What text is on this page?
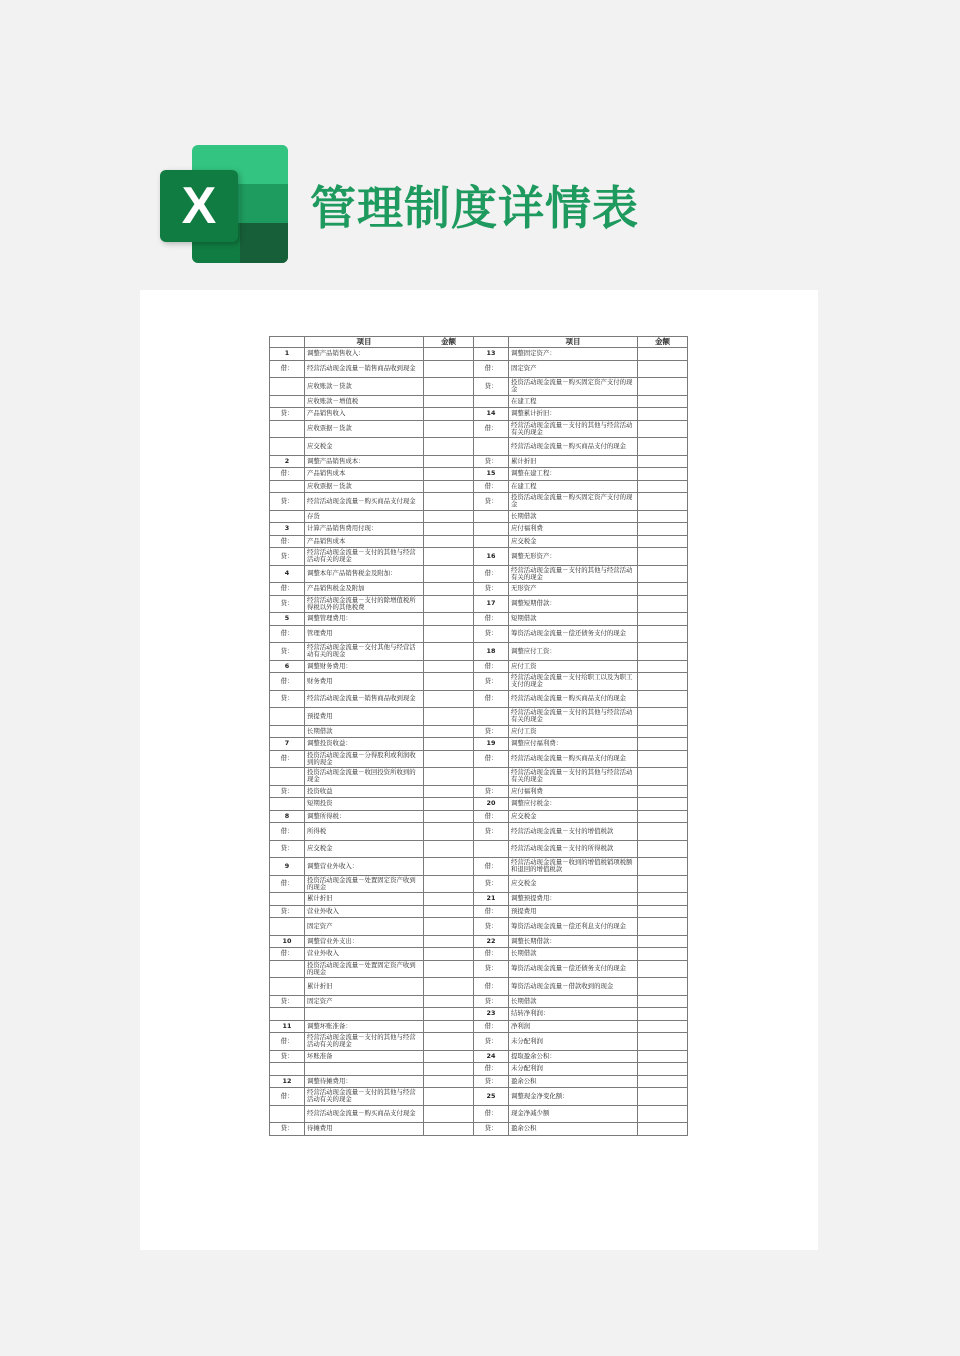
X	管理制度详情表
	项目	金额		项目	金额
1	调整产品销售收入：		13	调整固定资产：	
借：	经营活动现金流量－销售商品收到现金		借：	固定资产	
	应收账款－贷款		贷：	投资活动现金流量－购买固定资产支付的现金	
	应收账款－增值税			在建工程	
贷：	产品销售收入		14	调整累计折旧：	
	应收票据－货款		借：	经营活动现金流量－支付的其他与经营活动有关的现金	
	应交税金			经营活动现金流量－购买商品支付的现金	
2	调整产品销售成本：		贷：	累计折旧	
借：	产品销售成本		15	调整在建工程：	
	应收票据－货款		借：	在建工程	
贷：	经营活动现金流量－购买商品支付现金		贷：	投资活动现金流量－购买固定资产支付的现金	
	存货			长期借款	
3	计算产品销售费用付现：			应付福利费	
借：	产品销售成本			应交税金	
贷：	经营活动现金流量－支付的其他与经营活动有关的现金		16	调整无形资产：	
4	调整本年产品销售税金及附加：		借：	经营活动现金流量－支付的其他与经营活动有关的现金	
借：	产品销售税金及附加		贷：	无形资产	
贷：	经营活动现金流量－支付的除增值税所得税以外的其他税费		17	调整短期借款：	
5	调整管理费用：		借：	短期借款	
借：	管理费用		贷：	筹资活动现金流量－偿还债务支付的现金	
贷：	经营活动现金流量－交付其他与经营活动有关的现金		18	调整应付工资：	
6	调整财务费用：		借：	应付工资	
借：	财务费用		贷：	经营活动现金流量－支付给职工以及为职工支付的现金	
贷：	经营活动现金流量－销售商品收到现金		借：	经营活动现金流量－购买商品支付的现金	
	预提费用			经营活动现金流量－支付的其他与经营活动有关的现金	
	长期借款		贷：	应付工资	
7	调整投资收益：		19	调整应付福利费：	
借：	投资活动现金流量－分得股利或利润收到的现金		借：	经营活动现金流量－购买商品支付的现金	
	投资活动现金流量－收回投资所收到的现金			经营活动现金流量－支付的其他与经营活动有关的现金	
贷：	投资收益		贷：	应付福利费	
	短期投资		20	调整应付税金：	
8	调整所得税：		借：	应交税金	
借：	所得税		贷：	经营活动现金流量－支付的增值税款	
贷：	应交税金			经营活动现金流量－支付的所得税款	
9	调整营业外收入：		借：	经营活动现金流量－收到的增值税销项税额和退回的增值税款	
借：	投资活动现金流量－处置固定资产收到的现金		贷：	应交税金	
	累计折旧		21	调整预提费用：	
贷：	营业外收入		借：	预提费用	
	固定资产		贷：	筹资活动现金流量－偿还利息支付的现金	
10	调整营业外支出：		22	调整长期借款：	
借：	营业外收入		借：	长期借款	
	投资活动现金流量－处置固定资产收到的现金		贷：	筹资活动现金流量－偿还债务支付的现金	
	累计折旧		借：	筹资活动现金流量－借款收到的现金	
贷：	固定资产		贷：	长期借款	
			23	结转净利润：	
11	调整坏账准备：		借：	净利润	
借：	经营活动现金流量－支付的其他与经营活动有关的现金		贷：	未分配利润	
贷：	坏账准备		24	提取盈余公积：	
			借：	未分配利润	
12	调整待摊费用：		贷：	盈余公积	
借：	经营活动现金流量－支付的其他与经营活动有关的现金		25	调整现金净变化额：	
	经营活动现金流量－购买商品支付现金		借：	现金净减少额	
贷：	待摊费用		贷：	盈余公积	
